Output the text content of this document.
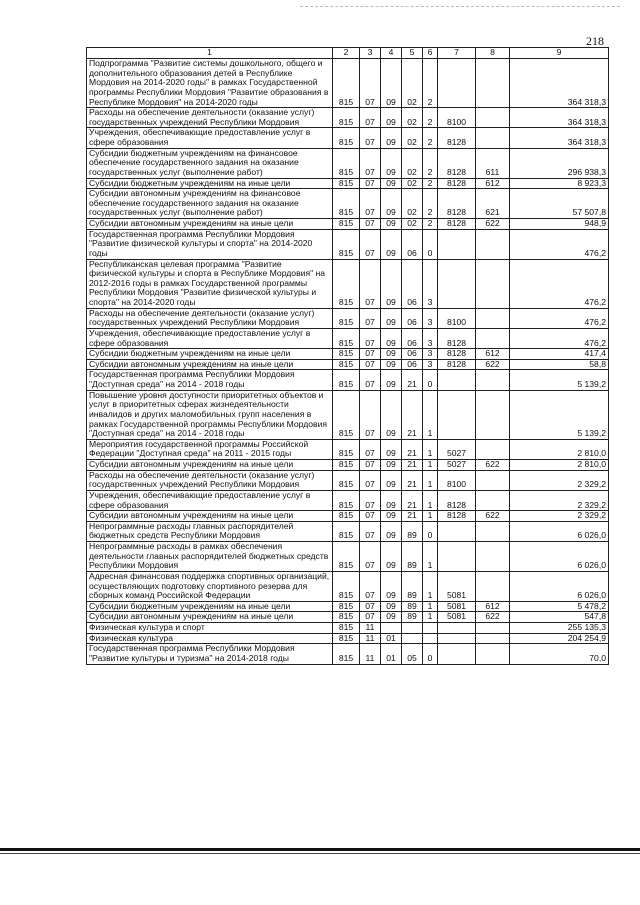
218
1	2	3	4	5	6	7	8	9
Подпрограмма "Развитие системы дошкольного, общего и дополнительного образования детей в Республике Мордовия на 2014-2020 годы" в рамках Государственной программы Республики Мордовия "Развитие образования в Республике Мордовия" на 2014-2020 годы	815	07	09	02	2			364 318,3
Расходы на обеспечение деятельности (оказание услуг) государственных учреждений Республики Мордовия	815	07	09	02	2	8100		364 318,3
Учреждения, обеспечивающие предоставление услуг в сфере образования	815	07	09	02	2	8128		364 318,3
Субсидии бюджетным учреждениям на финансовое обеспечение государственного задания на оказание государственных услуг (выполнение работ)	815	07	09	02	2	8128	611	296 938,3
Субсидии бюджетным учреждениям на иные цели	815	07	09	02	2	8128	612	8 923,3
Субсидии автономным учреждениям на финансовое обеспечение государственного задания на оказание государственных услуг (выполнение работ)	815	07	09	02	2	8128	621	57 507,8
Субсидии автономным учреждениям на иные цели	815	07	09	02	2	8128	622	948,9
Государственная программа Республики Мордовия "Развитие физической культуры и спорта" на 2014-2020 годы	815	07	09	06	0			476,2
Республиканская целевая программа "Развитие физической культуры и спорта в Республике Мордовия" на 2012-2016 годы в рамках Государственной программы Республики Мордовия "Развитие физической культуры и спорта" на 2014-2020 годы	815	07	09	06	3			476,2
Расходы на обеспечение деятельности (оказание услуг) государственных учреждений Республики Мордовия	815	07	09	06	3	8100		476,2
Учреждения, обеспечивающие предоставление услуг в сфере образования	815	07	09	06	3	8128		476,2
Субсидии бюджетным учреждениям на иные цели	815	07	09	06	3	8128	612	417,4
Субсидии автономным учреждениям на иные цели	815	07	09	06	3	8128	622	58,8
Государственная программа Республики Мордовия "Доступная среда" на 2014 - 2018 годы	815	07	09	21	0			5 139,2
Повышение уровня доступности приоритетных объектов и услуг в приоритетных сферах жизнедеятельности инвалидов и других маломобильных групп населения в рамках Государственной программы Республики Мордовия "Доступная среда" на 2014 - 2018 годы	815	07	09	21	1			5 139,2
Мероприятия государственной программы Российской Федерации "Доступная среда" на 2011 - 2015 годы	815	07	09	21	1	5027		2 810,0
Субсидии автономным учреждениям на иные цели	815	07	09	21	1	5027	622	2 810,0
Расходы на обеспечение деятельности (оказание услуг) государственных учреждений Республики Мордовия	815	07	09	21	1	8100		2 329,2
Учреждения, обеспечивающие предоставление услуг в сфере образования	815	07	09	21	1	8128		2 329,2
Субсидии автономным учреждениям на иные цели	815	07	09	21	1	8128	622	2 329,2
Непрограммные расходы главных распорядителей бюджетных средств Республики Мордовия	815	07	09	89	0			6 026,0
Непрограммные расходы в рамках обеспечения деятельности главных распорядителей бюджетных средств Республики Мордовия	815	07	09	89	1			6 026,0
Адресная финансовая поддержка спортивных организаций, осуществляющих подготовку спортивного резерва для сборных команд Российской Федерации	815	07	09	89	1	5081		6 026,0
Субсидии бюджетным учреждениям на иные цели	815	07	09	89	1	5081	612	5 478,2
Субсидии автономным учреждениям на иные цели	815	07	09	89	1	5081	622	547,8
Физическая культура и спорт	815	11						255 135,3
Физическая культура	815	11	01					204 254,9
Государственная программа Республики Мордовия "Развитие культуры и туризма" на 2014-2018 годы	815	11	01	05	0			70,0
